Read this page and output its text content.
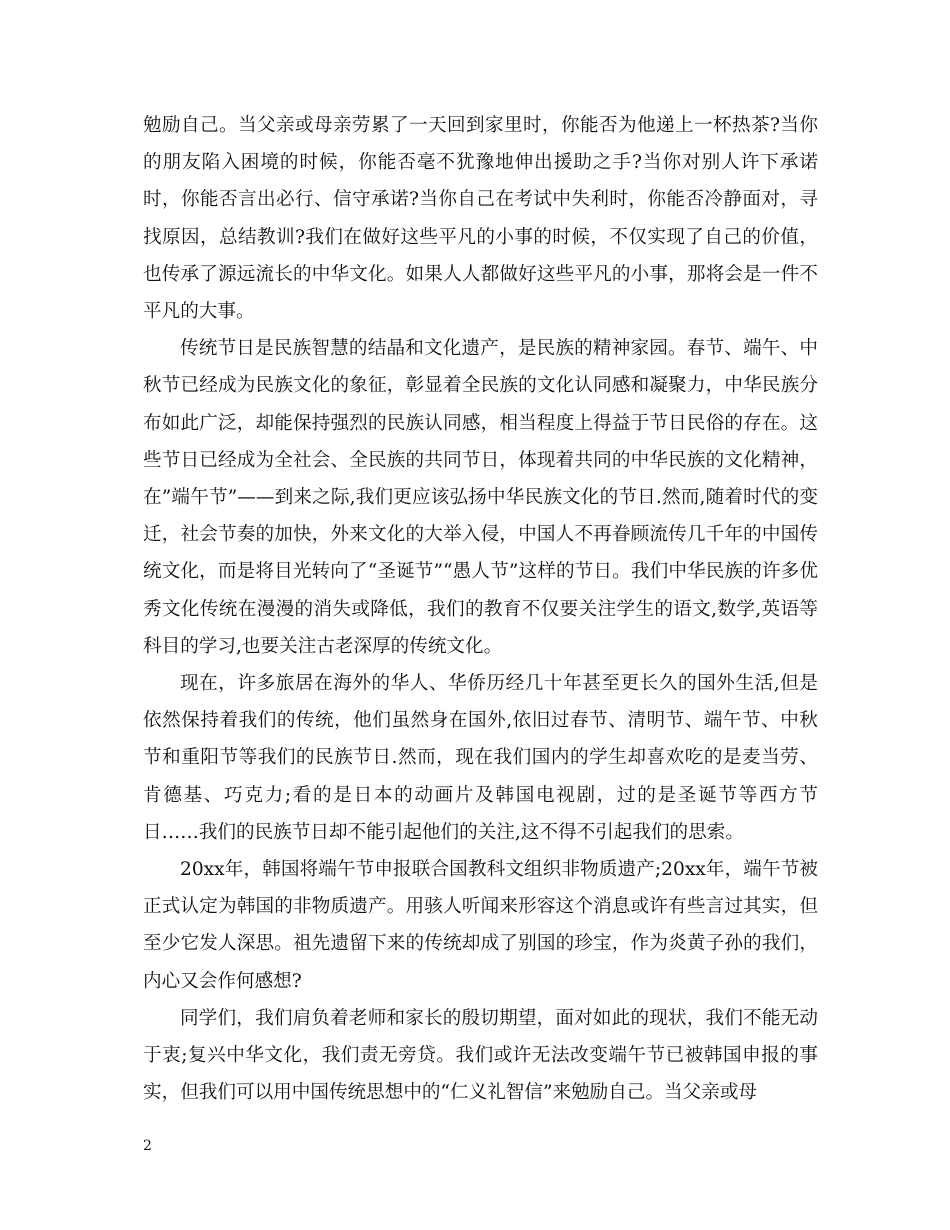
勉励自己。当父亲或母亲劳累了一天回到家里时，你能否为他递上一杯热茶?当你的朋友陷入困境的时候，你能否毫不犹豫地伸出援助之手?当你对别人许下承诺时，你能否言出必行、信守承诺?当你自己在考试中失利时，你能否冷静面对，寻找原因，总结教训?我们在做好这些平凡的小事的时候，不仅实现了自己的价值，也传承了源远流长的中华文化。如果人人都做好这些平凡的小事，那将会是一件不平凡的大事。

传统节日是民族智慧的结晶和文化遗产，是民族的精神家园。春节、端午、中秋节已经成为民族文化的象征，彰显着全民族的文化认同感和凝聚力，中华民族分布如此广泛，却能保持强烈的民族认同感，相当程度上得益于节日民俗的存在。这些节日已经成为全社会、全民族的共同节日，体现着共同的中华民族的文化精神，在”端午节”——到来之际,我们更应该弘扬中华民族文化的节日.然而,随着时代的变迁，社会节奏的加快，外来文化的大举入侵，中国人不再眷顾流传几千年的中国传统文化，而是将目光转向了“圣诞节”“愚人节”这样的节日。我们中华民族的许多优秀文化传统在漫漫的消失或降低，我们的教育不仅要关注学生的语文,数学,英语等科目的学习,也要关注古老深厚的传统文化。

现在，许多旅居在海外的华人、华侨历经几十年甚至更长久的国外生活,但是依然保持着我们的传统，他们虽然身在国外,依旧过春节、清明节、端午节、中秋节和重阳节等我们的民族节日.然而，现在我们国内的学生却喜欢吃的是麦当劳、肯德基、巧克力;看的是日本的动画片及韩国电视剧，过的是圣诞节等西方节日……我们的民族节日却不能引起他们的关注,这不得不引起我们的思索。

20xx年，韩国将端午节申报联合国教科文组织非物质遗产;20xx年，端午节被正式认定为韩国的非物质遗产。用骇人听闻来形容这个消息或许有些言过其实，但至少它发人深思。祖先遗留下来的传统却成了别国的珍宝，作为炎黄子孙的我们，内心又会作何感想?

同学们，我们肩负着老师和家长的殷切期望，面对如此的现状，我们不能无动于衷;复兴中华文化，我们责无旁贷。我们或许无法改变端午节已被韩国申报的事实，但我们可以用中国传统思想中的“仁义礼智信”来勉励自己。当父亲或母

2
